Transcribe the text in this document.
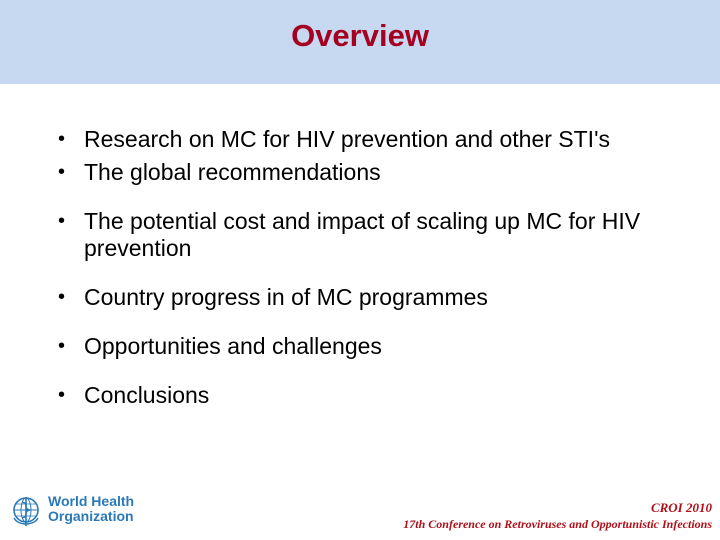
Overview
• Research on MC for HIV prevention and other STI's
• The global recommendations
• The potential cost and impact of scaling up MC for HIV prevention
• Country progress in of MC programmes
• Opportunities and challenges
• Conclusions
World Health
Organization
CROI 2010
17th Conference on Retroviruses and Opportunistic Infections
